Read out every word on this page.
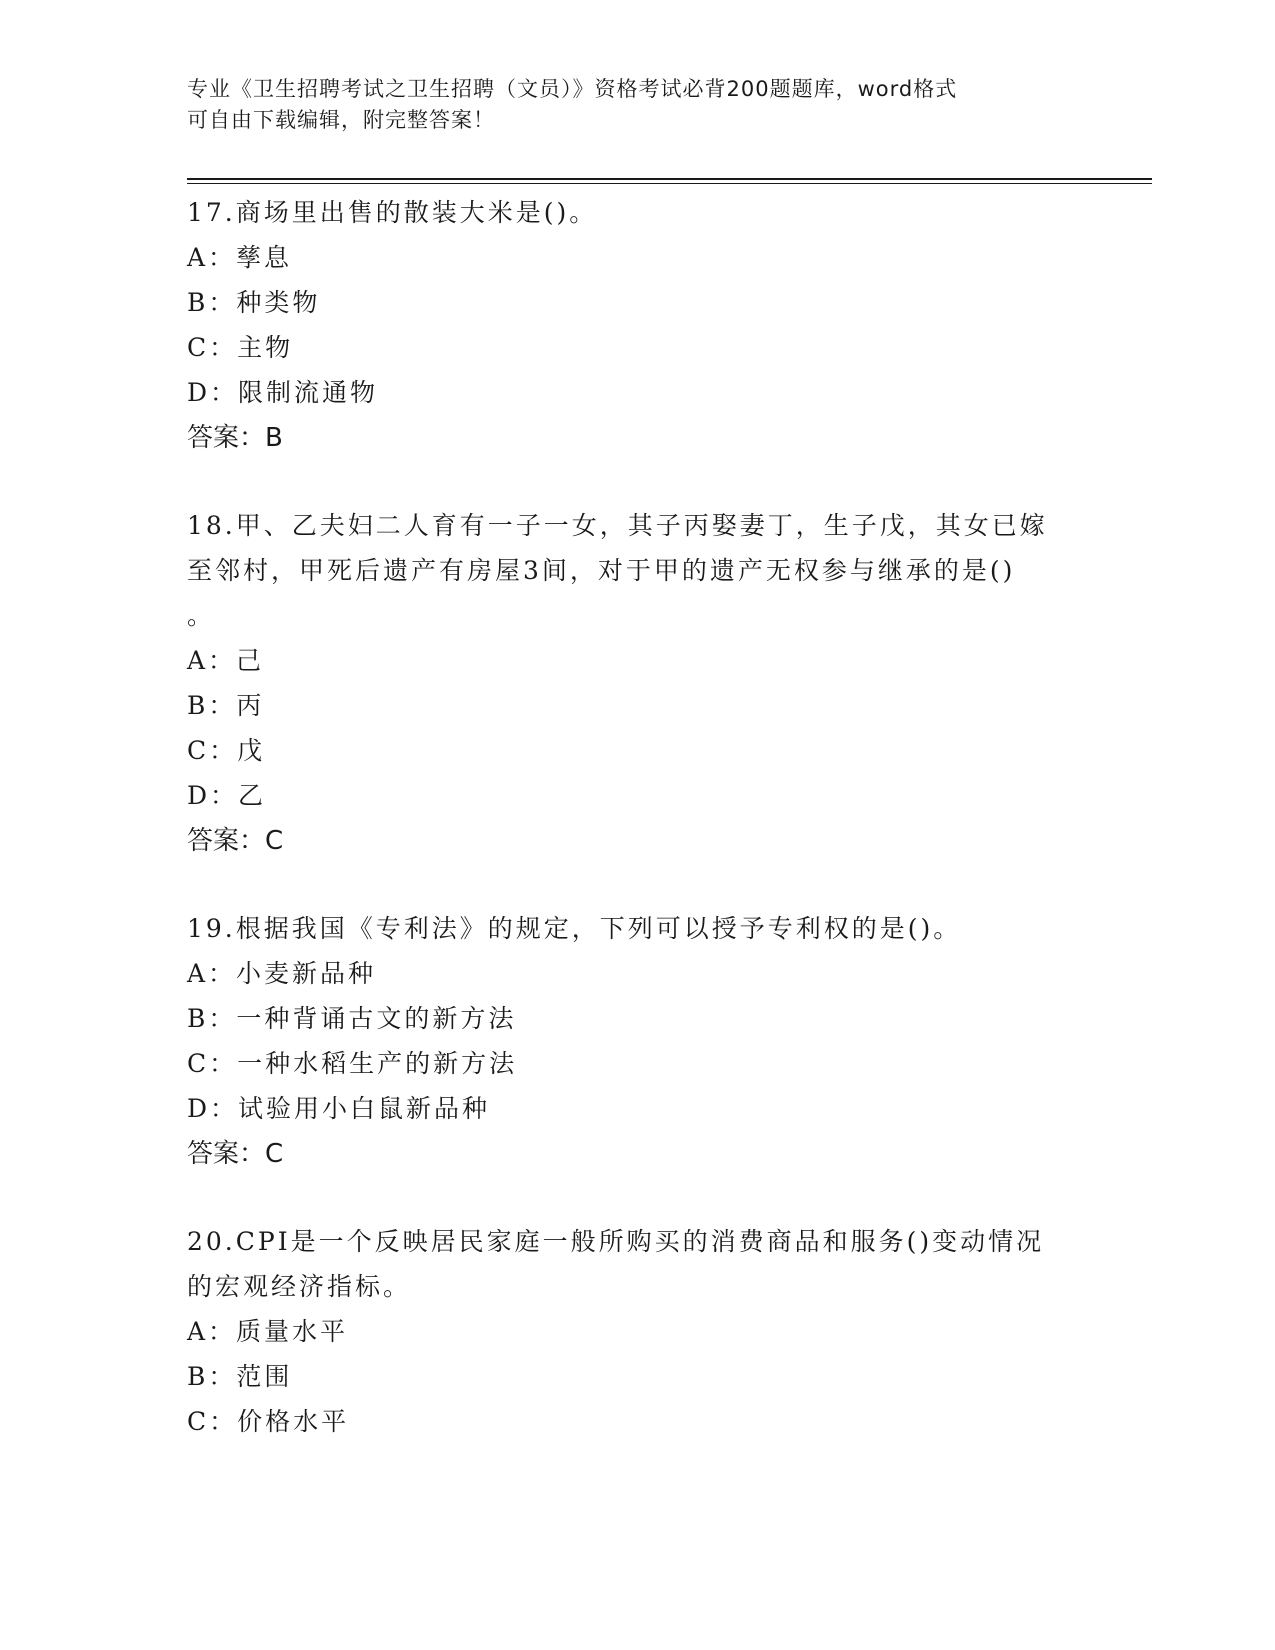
专业《卫生招聘考试之卫生招聘（文员）》资格考试必背200题题库，word格式
可自由下载编辑，附完整答案！

17.商场里出售的散装大米是()。

A：孳息

B：种类物

C：主物

D：限制流通物

答案：B

18.甲、乙夫妇二人育有一子一女，其子丙娶妻丁，生子戊，其女已嫁

至邻村，甲死后遗产有房屋3间，对于甲的遗产无权参与继承的是()

。

A：己

B：丙

C：戊

D：乙

答案：C

19.根据我国《专利法》的规定，下列可以授予专利权的是()。

A：小麦新品种

B：一种背诵古文的新方法

C：一种水稻生产的新方法

D：试验用小白鼠新品种

答案：C

20.CPI是一个反映居民家庭一般所购买的消费商品和服务()变动情况

的宏观经济指标。

A：质量水平

B：范围

C：价格水平
